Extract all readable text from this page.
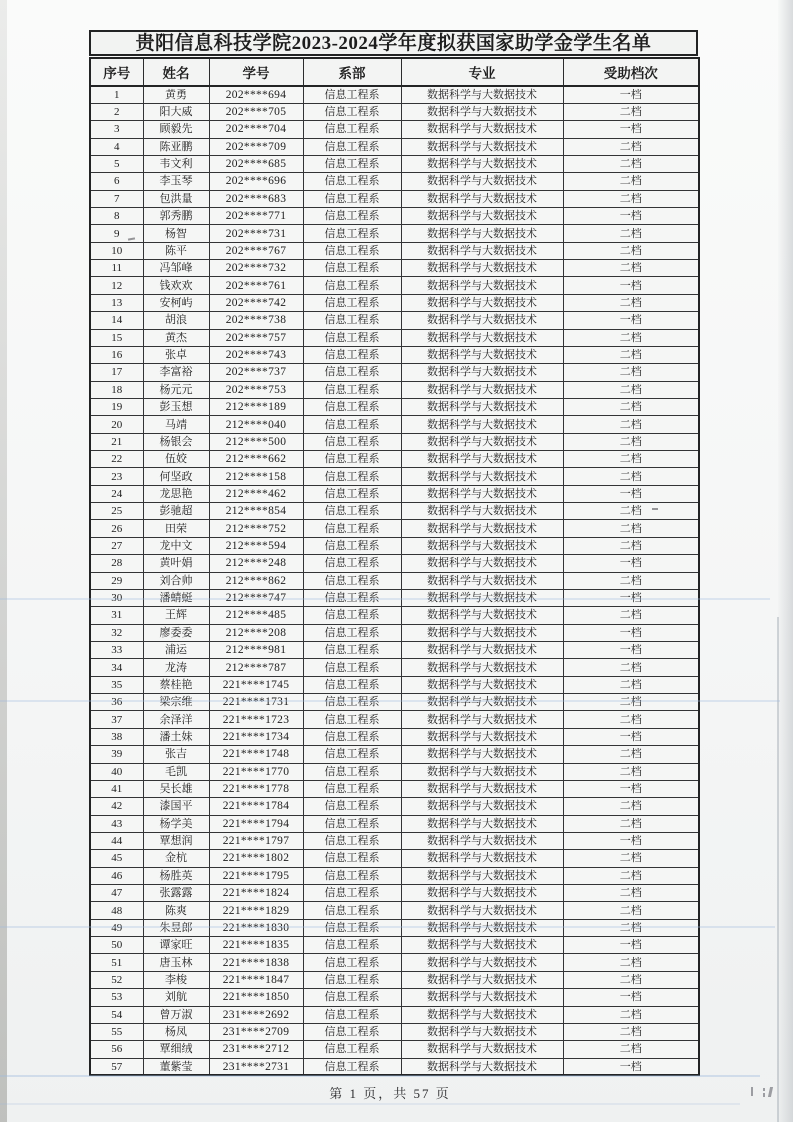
贵阳信息科技学院2023-2024学年度拟获国家助学金学生名单
序号	姓名	学号	系部	专业	受助档次
1	黄勇	202****694	信息工程系	数据科学与大数据技术	一档
2	阳大威	202****705	信息工程系	数据科学与大数据技术	二档
3	顾毅先	202****704	信息工程系	数据科学与大数据技术	一档
4	陈亚鹏	202****709	信息工程系	数据科学与大数据技术	二档
5	韦文利	202****685	信息工程系	数据科学与大数据技术	二档
6	李玉琴	202****696	信息工程系	数据科学与大数据技术	二档
7	包洪量	202****683	信息工程系	数据科学与大数据技术	二档
8	郭秀鹏	202****771	信息工程系	数据科学与大数据技术	一档
9	杨智	202****731	信息工程系	数据科学与大数据技术	二档
10	陈平	202****767	信息工程系	数据科学与大数据技术	二档
11	冯邹峰	202****732	信息工程系	数据科学与大数据技术	二档
12	钱欢欢	202****761	信息工程系	数据科学与大数据技术	一档
13	安柯屿	202****742	信息工程系	数据科学与大数据技术	二档
14	胡浪	202****738	信息工程系	数据科学与大数据技术	一档
15	黄杰	202****757	信息工程系	数据科学与大数据技术	二档
16	张卓	202****743	信息工程系	数据科学与大数据技术	二档
17	李富裕	202****737	信息工程系	数据科学与大数据技术	二档
18	杨元元	202****753	信息工程系	数据科学与大数据技术	二档
19	彭玉想	212****189	信息工程系	数据科学与大数据技术	二档
20	马靖	212****040	信息工程系	数据科学与大数据技术	二档
21	杨银会	212****500	信息工程系	数据科学与大数据技术	二档
22	伍姣	212****662	信息工程系	数据科学与大数据技术	二档
23	何坚政	212****158	信息工程系	数据科学与大数据技术	二档
24	龙思艳	212****462	信息工程系	数据科学与大数据技术	一档
25	彭驰超	212****854	信息工程系	数据科学与大数据技术	二档
26	田荣	212****752	信息工程系	数据科学与大数据技术	二档
27	龙中文	212****594	信息工程系	数据科学与大数据技术	二档
28	黄叶娟	212****248	信息工程系	数据科学与大数据技术	一档
29	刘合帅	212****862	信息工程系	数据科学与大数据技术	二档
30	潘蜻蜓	212****747	信息工程系	数据科学与大数据技术	一档
31	王辉	212****485	信息工程系	数据科学与大数据技术	二档
32	廖委委	212****208	信息工程系	数据科学与大数据技术	一档
33	浦运	212****981	信息工程系	数据科学与大数据技术	一档
34	龙涛	212****787	信息工程系	数据科学与大数据技术	二档
35	蔡桂艳	221****1745	信息工程系	数据科学与大数据技术	二档
36	梁宗维	221****1731	信息工程系	数据科学与大数据技术	二档
37	余泽洋	221****1723	信息工程系	数据科学与大数据技术	二档
38	潘土妹	221****1734	信息工程系	数据科学与大数据技术	一档
39	张吉	221****1748	信息工程系	数据科学与大数据技术	二档
40	毛凯	221****1770	信息工程系	数据科学与大数据技术	二档
41	吴长雄	221****1778	信息工程系	数据科学与大数据技术	一档
42	漆国平	221****1784	信息工程系	数据科学与大数据技术	二档
43	杨学美	221****1794	信息工程系	数据科学与大数据技术	二档
44	覃想润	221****1797	信息工程系	数据科学与大数据技术	一档
45	金杭	221****1802	信息工程系	数据科学与大数据技术	二档
46	杨胜英	221****1795	信息工程系	数据科学与大数据技术	二档
47	张露露	221****1824	信息工程系	数据科学与大数据技术	二档
48	陈爽	221****1829	信息工程系	数据科学与大数据技术	二档
49	朱昱郎	221****1830	信息工程系	数据科学与大数据技术	二档
50	谭家旺	221****1835	信息工程系	数据科学与大数据技术	一档
51	唐玉林	221****1838	信息工程系	数据科学与大数据技术	二档
52	李梭	221****1847	信息工程系	数据科学与大数据技术	二档
53	刘航	221****1850	信息工程系	数据科学与大数据技术	一档
54	曾万淑	231****2692	信息工程系	数据科学与大数据技术	二档
55	杨凤	231****2709	信息工程系	数据科学与大数据技术	二档
56	覃细绒	231****2712	信息工程系	数据科学与大数据技术	二档
57	董紫莹	231****2731	信息工程系	数据科学与大数据技术	一档
第 1 页，共 57 页
